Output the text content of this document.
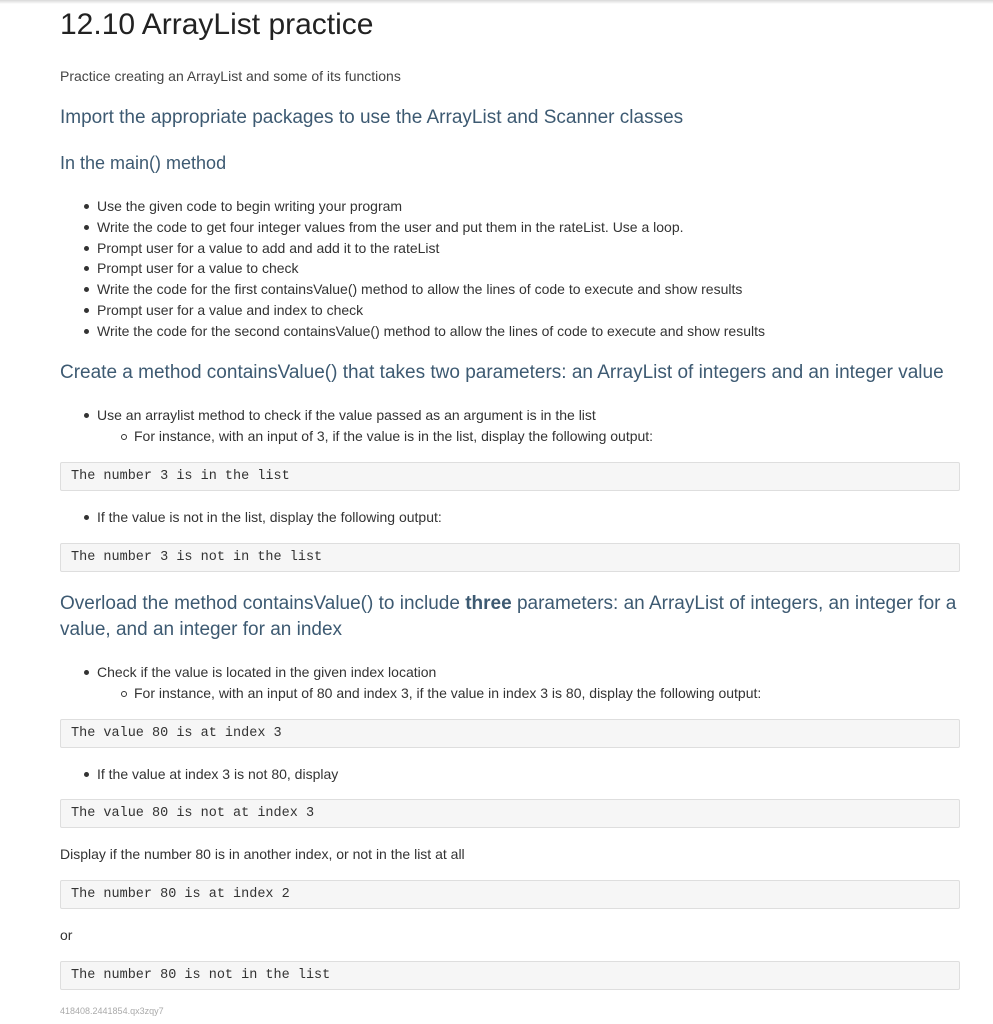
12.10 ArrayList practice

Practice creating an ArrayList and some of its functions

Import the appropriate packages to use the ArrayList and Scanner classes
In the main() method
Use the given code to begin writing your program
Write the code to get four integer values from the user and put them in the rateList. Use a loop.
Prompt user for a value to add and add it to the rateList
Prompt user for a value to check
Write the code for the first containsValue() method to allow the lines of code to execute and show results
Prompt user for a value and index to check
Write the code for the second containsValue() method to allow the lines of code to execute and show results
Create a method containsValue() that takes two parameters: an ArrayList of integers and an integer value
Use an arraylist method to check if the value passed as an argument is in the list
For instance, with an input of 3, if the value is in the list, display the following output:
The number 3 is in the list
If the value is not in the list, display the following output:
The number 3 is not in the list
Overload the method containsValue() to include three parameters: an ArrayList of integers, an integer for a value, and an integer for an index
Check if the value is located in the given index location
For instance, with an input of 80 and index 3, if the value in index 3 is 80, display the following output:
The value 80 is at index 3
If the value at index 3 is not 80, display
The value 80 is not at index 3

Display if the number 80 is in another index, or not in the list at all

The number 80 is at index 2

or

The number 80 is not in the list

418408.2441854.qx3zqy7
